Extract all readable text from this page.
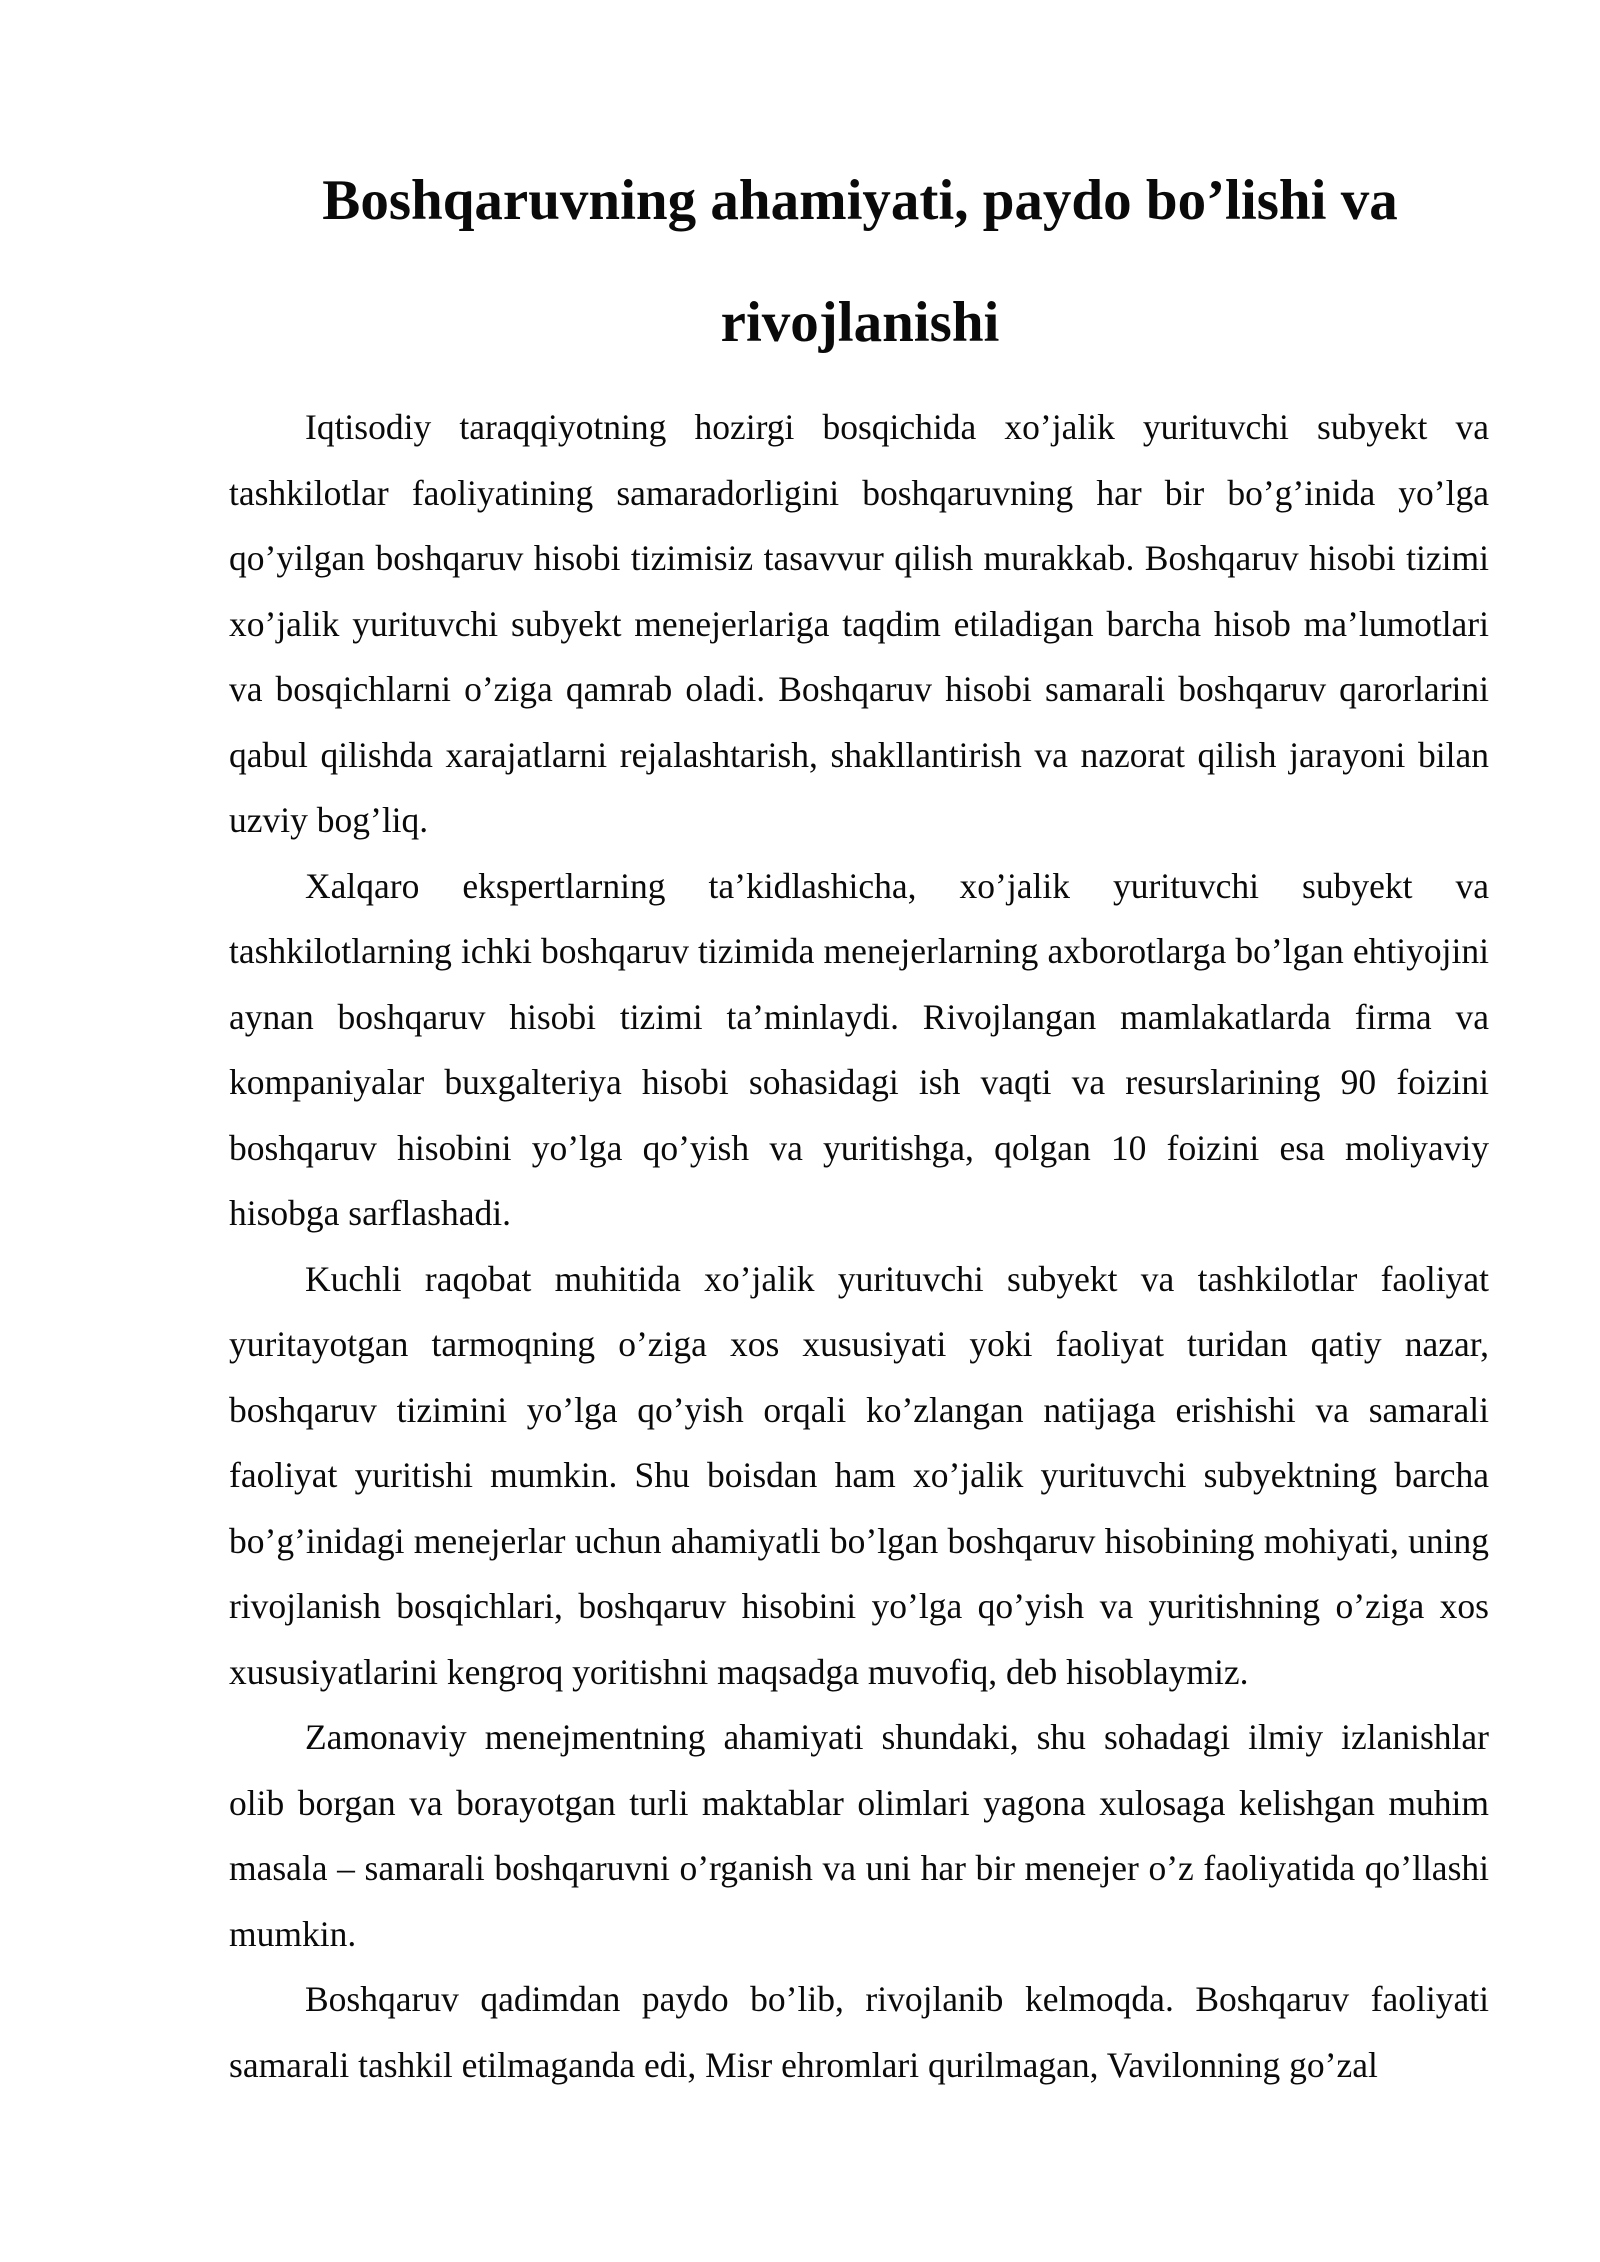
Boshqaruvning ahamiyati, paydo bo’lishi va
rivojlanishi

Iqtisodiy taraqqiyotning hozirgi bosqichida xo’jalik yurituvchi subyekt va tashkilotlar faoliyatining samaradorligini boshqaruvning har bir bo’g’inida yo’lga qo’yilgan boshqaruv hisobi tizimisiz tasavvur qilish murakkab. Boshqaruv hisobi tizimi xo’jalik yurituvchi subyekt menejerlariga taqdim etiladigan barcha hisob ma’lumotlari va bosqichlarni o’ziga qamrab oladi. Boshqaruv hisobi samarali boshqaruv qarorlarini qabul qilishda xarajatlarni rejalashtarish, shakllantirish va nazorat qilish jarayoni bilan uzviy bog’liq.

Xalqaro ekspertlarning ta’kidlashicha, xo’jalik yurituvchi subyekt va tashkilotlarning ichki boshqaruv tizimida menejerlarning axborotlarga bo’lgan ehtiyojini aynan boshqaruv hisobi tizimi ta’minlaydi. Rivojlangan mamlakatlarda firma va kompaniyalar buxgalteriya hisobi sohasidagi ish vaqti va resurslarining 90 foizini boshqaruv hisobini yo’lga qo’yish va yuritishga, qolgan 10 foizini esa moliyaviy hisobga sarflashadi.

Kuchli raqobat muhitida xo’jalik yurituvchi subyekt va tashkilotlar faoliyat yuritayotgan tarmoqning o’ziga xos xususiyati yoki faoliyat turidan qatiy nazar, boshqaruv tizimini yo’lga qo’yish orqali ko’zlangan natijaga erishishi va samarali faoliyat yuritishi mumkin. Shu boisdan ham xo’jalik yurituvchi subyektning barcha bo’g’inidagi menejerlar uchun ahamiyatli bo’lgan boshqaruv hisobining mohiyati, uning rivojlanish bosqichlari, boshqaruv hisobini yo’lga qo’yish va yuritishning o’ziga xos xususiyatlarini kengroq yoritishni maqsadga muvofiq, deb hisoblaymiz.

Zamonaviy menejmentning ahamiyati shundaki, shu sohadagi ilmiy izlanishlar olib borgan va borayotgan turli maktablar olimlari yagona xulosaga kelishgan muhim masala – samarali boshqaruvni o’rganish va uni har bir menejer o’z faoliyatida qo’llashi mumkin.

Boshqaruv qadimdan paydo bo’lib, rivojlanib kelmoqda. Boshqaruv faoliyati samarali tashkil etilmaganda edi, Misr ehromlari qurilmagan, Vavilonning go’zal
